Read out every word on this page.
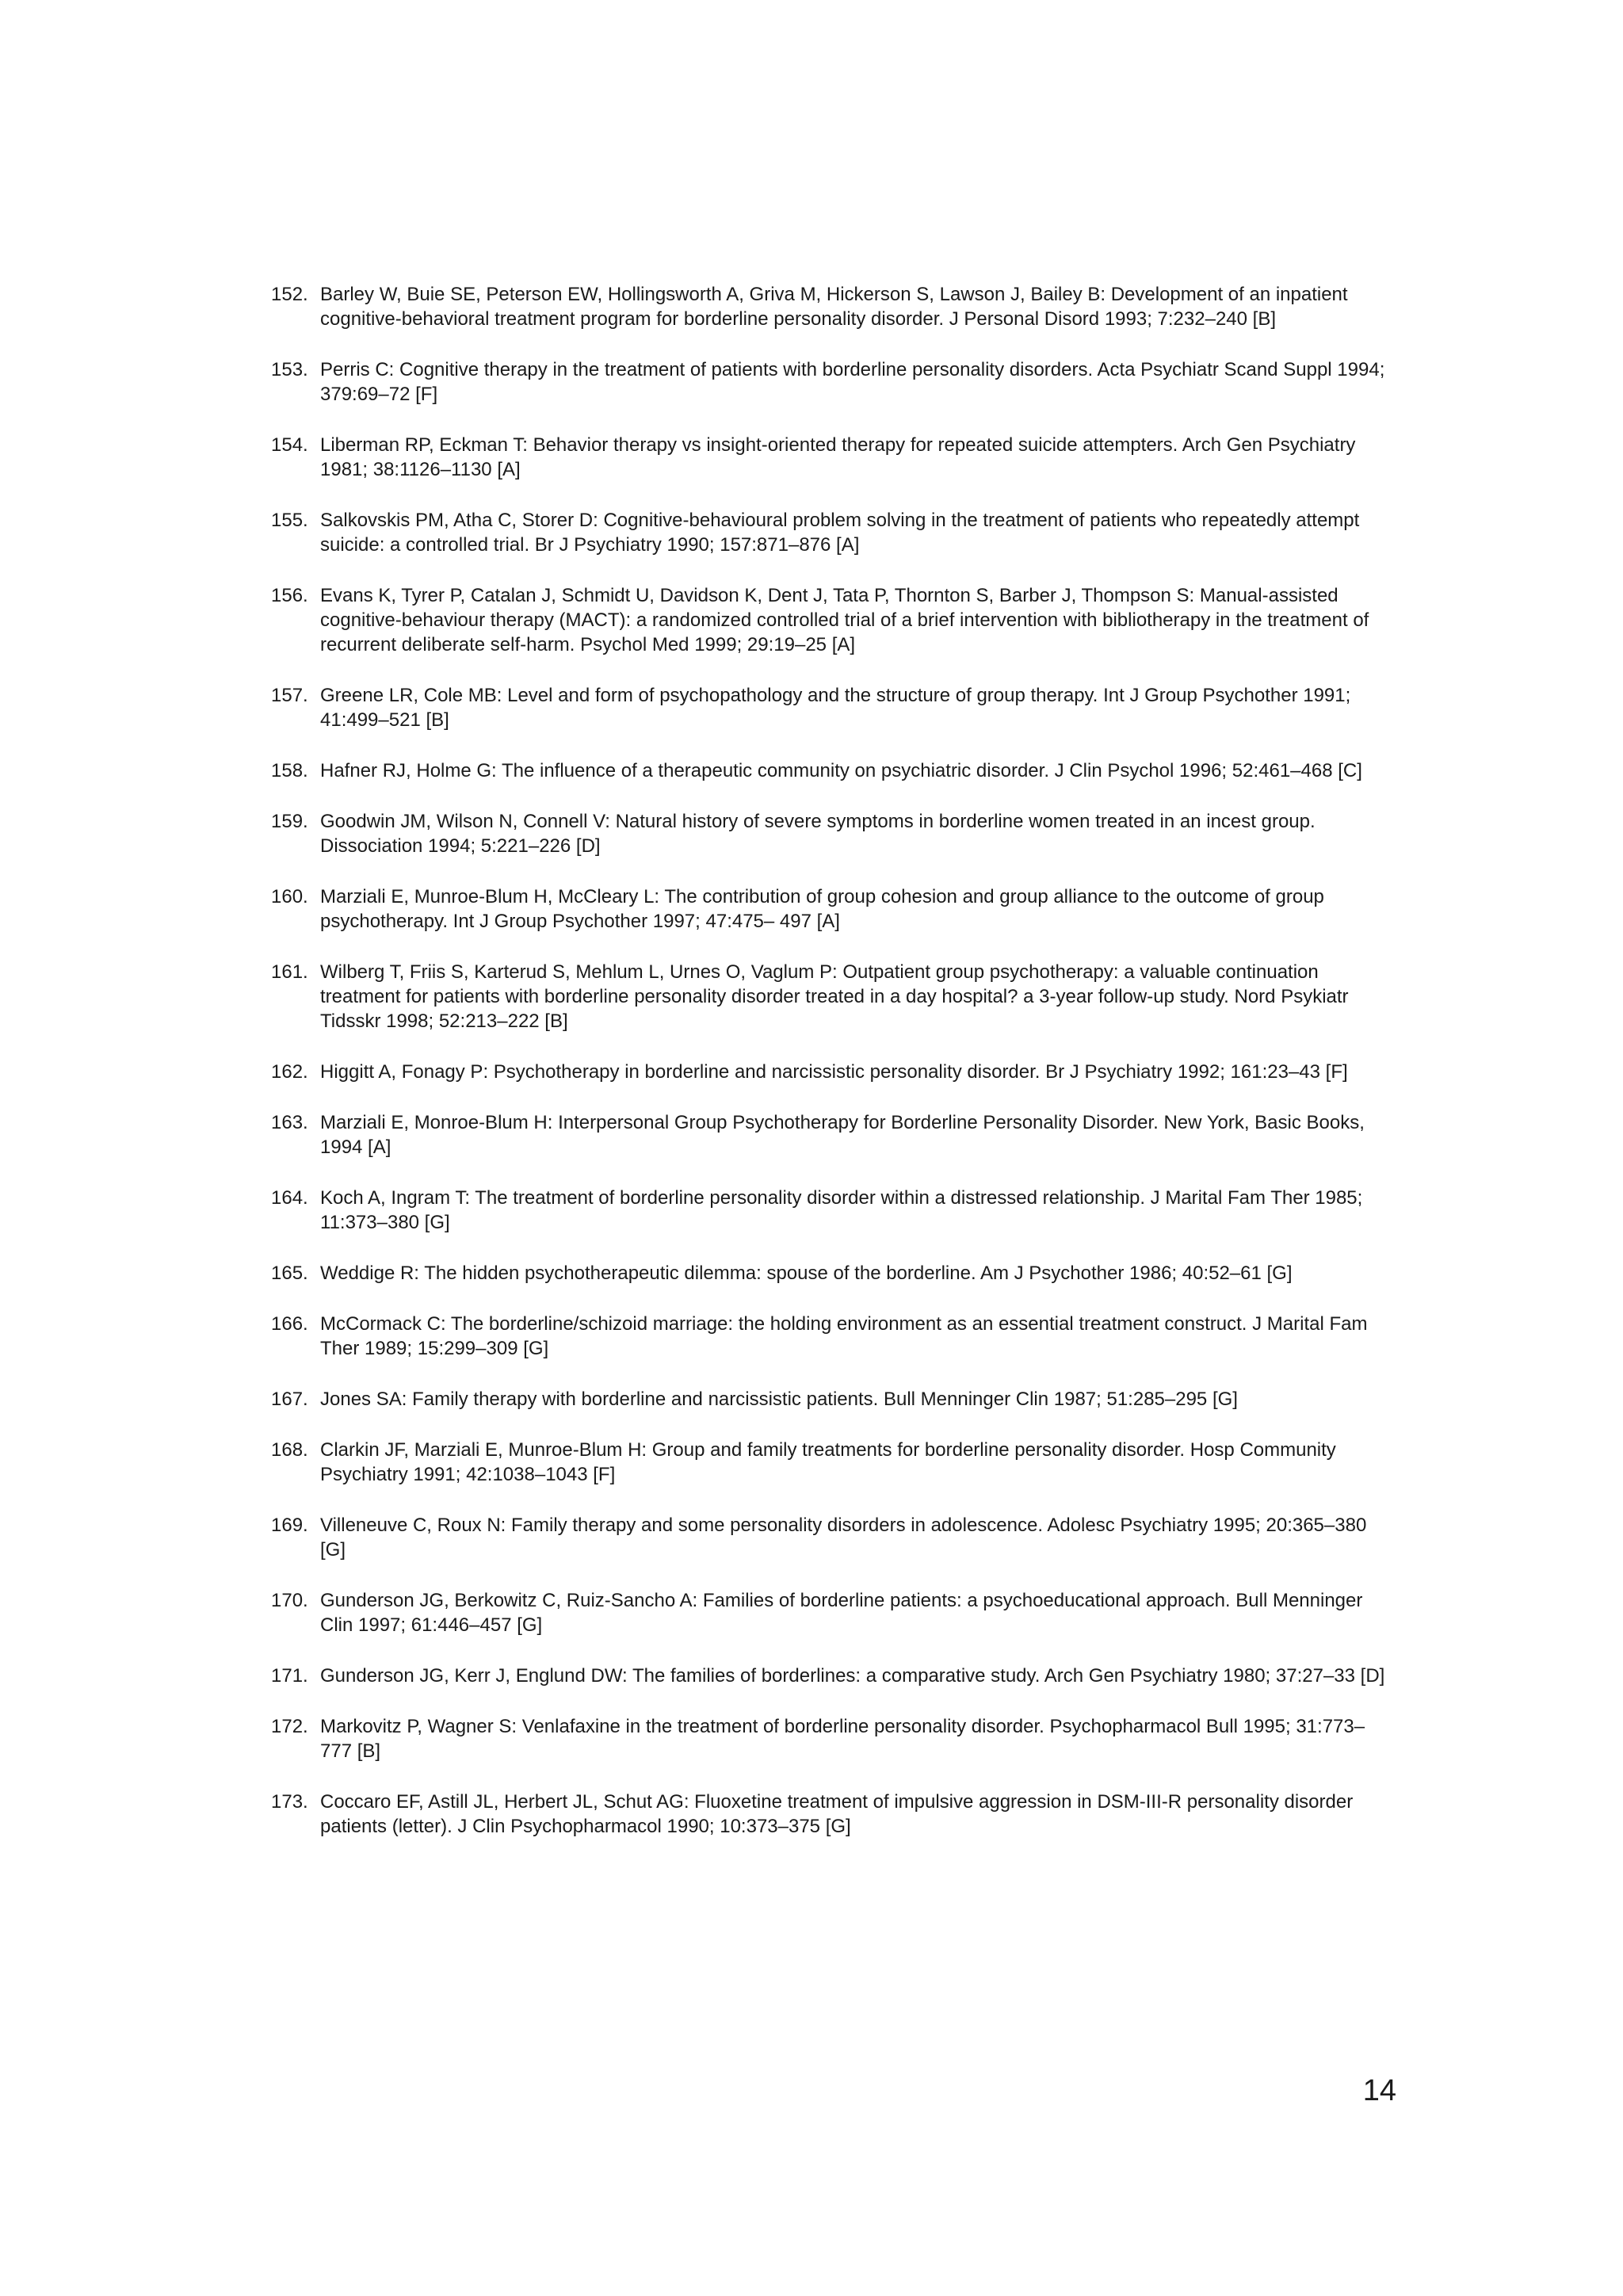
152. Barley W, Buie SE, Peterson EW, Hollingsworth A, Griva M, Hickerson S, Lawson J, Bailey B: Development of an inpatient cognitive-behavioral treatment program for borderline personality disorder. J Personal Disord 1993; 7:232–240 [B]
153. Perris C: Cognitive therapy in the treatment of patients with borderline personality disorders. Acta Psychiatr Scand Suppl 1994; 379:69–72 [F]
154. Liberman RP, Eckman T: Behavior therapy vs insight-oriented therapy for repeated suicide attempters. Arch Gen Psychiatry 1981; 38:1126–1130 [A]
155. Salkovskis PM, Atha C, Storer D: Cognitive-behavioural problem solving in the treatment of patients who repeatedly attempt suicide: a controlled trial. Br J Psychiatry 1990; 157:871–876 [A]
156. Evans K, Tyrer P, Catalan J, Schmidt U, Davidson K, Dent J, Tata P, Thornton S, Barber J, Thompson S: Manual-assisted cognitive-behaviour therapy (MACT): a randomized controlled trial of a brief intervention with bibliotherapy in the treatment of recurrent deliberate self-harm. Psychol Med 1999; 29:19–25 [A]
157. Greene LR, Cole MB: Level and form of psychopathology and the structure of group therapy. Int J Group Psychother 1991; 41:499–521 [B]
158. Hafner RJ, Holme G: The influence of a therapeutic community on psychiatric disorder. J Clin Psychol 1996; 52:461–468 [C]
159. Goodwin JM, Wilson N, Connell V: Natural history of severe symptoms in borderline women treated in an incest group. Dissociation 1994; 5:221–226 [D]
160. Marziali E, Munroe-Blum H, McCleary L: The contribution of group cohesion and group alliance to the outcome of group psychotherapy. Int J Group Psychother 1997; 47:475– 497 [A]
161. Wilberg T, Friis S, Karterud S, Mehlum L, Urnes O, Vaglum P: Outpatient group psychotherapy: a valuable continuation treatment for patients with borderline personality disorder treated in a day hospital? a 3-year follow-up study. Nord Psykiatr Tidsskr 1998; 52:213–222 [B]
162. Higgitt A, Fonagy P: Psychotherapy in borderline and narcissistic personality disorder. Br J Psychiatry 1992; 161:23–43 [F]
163. Marziali E, Monroe-Blum H: Interpersonal Group Psychotherapy for Borderline Personality Disorder. New York, Basic Books, 1994 [A]
164. Koch A, Ingram T: The treatment of borderline personality disorder within a distressed relationship. J Marital Fam Ther 1985; 11:373–380 [G]
165. Weddige R: The hidden psychotherapeutic dilemma: spouse of the borderline. Am J Psychother 1986; 40:52–61 [G]
166. McCormack C: The borderline/schizoid marriage: the holding environment as an essential treatment construct. J Marital Fam Ther 1989; 15:299–309 [G]
167. Jones SA: Family therapy with borderline and narcissistic patients. Bull Menninger Clin 1987; 51:285–295 [G]
168. Clarkin JF, Marziali E, Munroe-Blum H: Group and family treatments for borderline personality disorder. Hosp Community Psychiatry 1991; 42:1038–1043 [F]
169. Villeneuve C, Roux N: Family therapy and some personality disorders in adolescence. Adolesc Psychiatry 1995; 20:365–380 [G]
170. Gunderson JG, Berkowitz C, Ruiz-Sancho A: Families of borderline patients: a psychoeducational approach. Bull Menninger Clin 1997; 61:446–457 [G]
171. Gunderson JG, Kerr J, Englund DW: The families of borderlines: a comparative study. Arch Gen Psychiatry 1980; 37:27–33 [D]
172. Markovitz P, Wagner S: Venlafaxine in the treatment of borderline personality disorder. Psychopharmacol Bull 1995; 31:773–777 [B]
173. Coccaro EF, Astill JL, Herbert JL, Schut AG: Fluoxetine treatment of impulsive aggression in DSM-III-R personality disorder patients (letter). J Clin Psychopharmacol 1990; 10:373–375 [G]
14
